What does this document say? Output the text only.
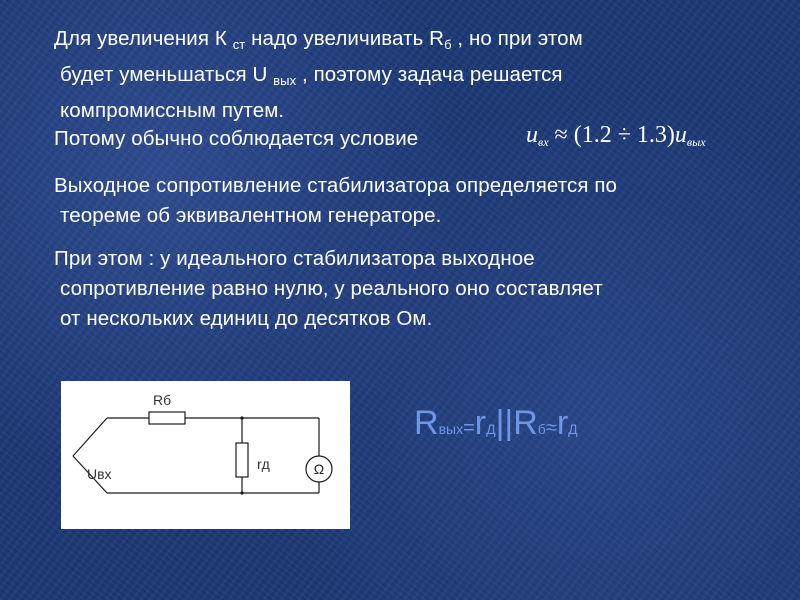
Для увеличения К $_{ст}$ надо увеличивать $R_б$ , но при этом
будет уменьшаться U $_{вых}$ , поэтому задача решается
компромиссным путем.
Потому обычно соблюдается условие	$u_{вх} \approx (1.2 \div 1.3)u_{вых}$
Выходное сопротивление стабилизатора определяется по
теореме об эквивалентном генераторе.
При этом : у идеального стабилизатора выходное
сопротивление равно нулю, у реального оно составляет
от нескольких единиц до десятков Ом.
Rб
Uвх
rд	Ω
Rвых=rД||Rб≈rД
